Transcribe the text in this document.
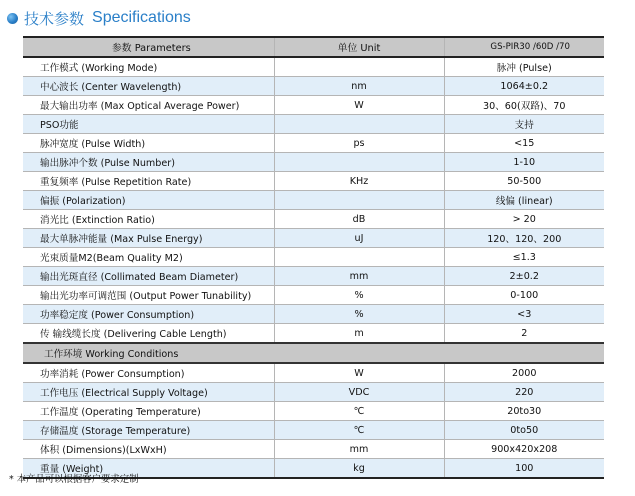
技术参数 Specifications
参数 Parameters	单位 Unit	GS-PIR30 /60D /70
工作模式 (Working Mode)		脉冲 (Pulse)
中心波长 (Center Wavelength)	nm	1064±0.2
最大输出功率 (Max Optical Average Power)	W	30、60(双路)、70
PSO功能		支持
脉冲宽度 (Pulse Width)	ps	<15
输出脉冲个数 (Pulse Number)		1-10
重复频率 (Pulse Repetition Rate)	KHz	50-500
偏振 (Polarization)		线偏 (linear)
消光比 (Extinction Ratio)	dB	> 20
最大单脉冲能量 (Max Pulse Energy)	uJ	120、120、200
光束质量M2(Beam Quality M2)		≤1.3
输出光斑直径 (Collimated Beam Diameter)	mm	2±0.2
输出光功率可调范围 (Output Power Tunability)	%	0-100
功率稳定度 (Power Consumption)	%	<3
传 输线缆长度 (Delivering Cable Length)	m	2
工作环境 Working Conditions		
功率消耗 (Power Consumption)	W	2000
工作电压 (Electrical Supply Voltage)	VDC	220
工作温度 (Operating Temperature)	℃	20to30
存储温度 (Storage Temperature)	℃	0to50
体积 (Dimensions)(LxWxH)	mm	900x420x208
重量 (Weight)	kg	100
* 本产品可以根据客户要求定制
